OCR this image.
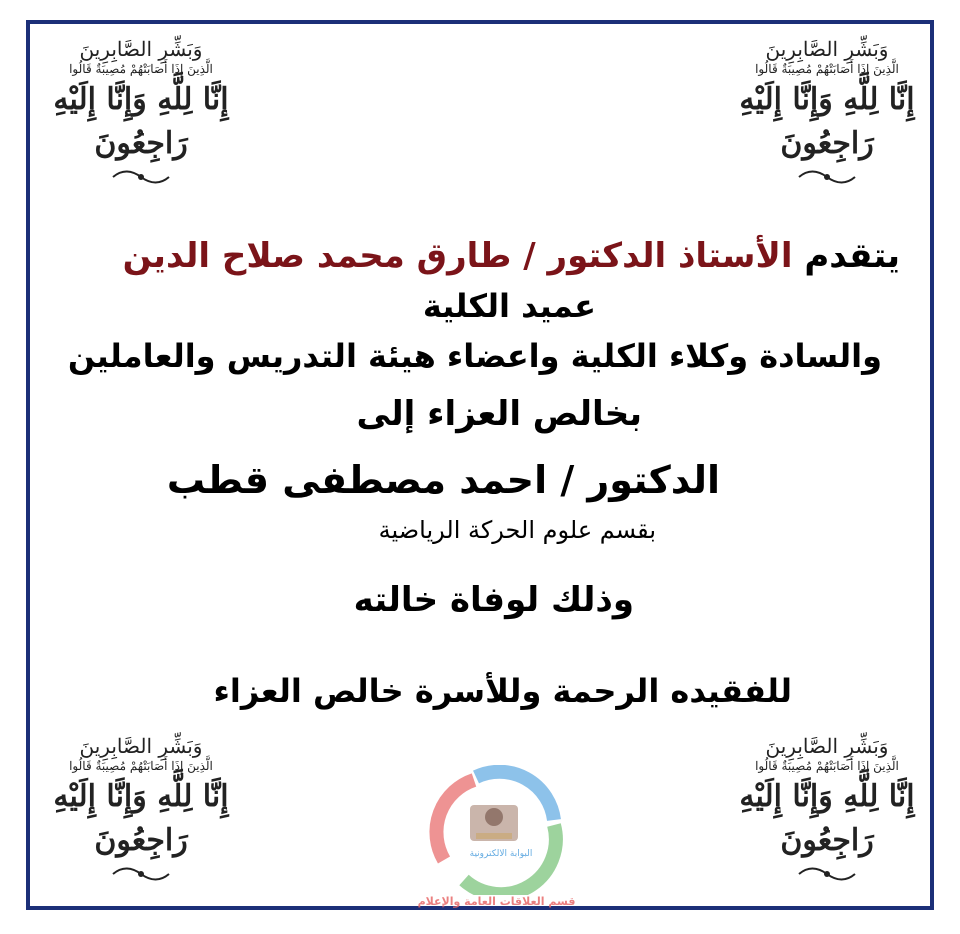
وَبَشِّرِ الصَّابِرِينَ
الَّذِينَ إِذَا أَصَابَتْهُمْ مُصِيبَةٌ قَالُوا
إِنَّا لِلَّهِ وَإِنَّا إِلَيْهِ رَاجِعُونَ
وَبَشِّرِ الصَّابِرِينَ
الَّذِينَ إِذَا أَصَابَتْهُمْ مُصِيبَةٌ قَالُوا
إِنَّا لِلَّهِ وَإِنَّا إِلَيْهِ رَاجِعُونَ
وَبَشِّرِ الصَّابِرِينَ
الَّذِينَ إِذَا أَصَابَتْهُمْ مُصِيبَةٌ قَالُوا
إِنَّا لِلَّهِ وَإِنَّا إِلَيْهِ رَاجِعُونَ
وَبَشِّرِ الصَّابِرِينَ
الَّذِينَ إِذَا أَصَابَتْهُمْ مُصِيبَةٌ قَالُوا
إِنَّا لِلَّهِ وَإِنَّا إِلَيْهِ رَاجِعُونَ
يتقدم الأستاذ الدكتور / طارق محمد صلاح الدين
عميد الكلية
والسادة وكلاء الكلية واعضاء هيئة التدريس والعاملين
بخالص العزاء إلى
الدكتور / احمد مصطفى قطب
بقسم علوم الحركة الرياضية
وذلك لوفاة خالته
للفقيده الرحمة وللأسرة خالص العزاء
البوابة الالكترونية
قسم العلاقات العامة والإعلام
